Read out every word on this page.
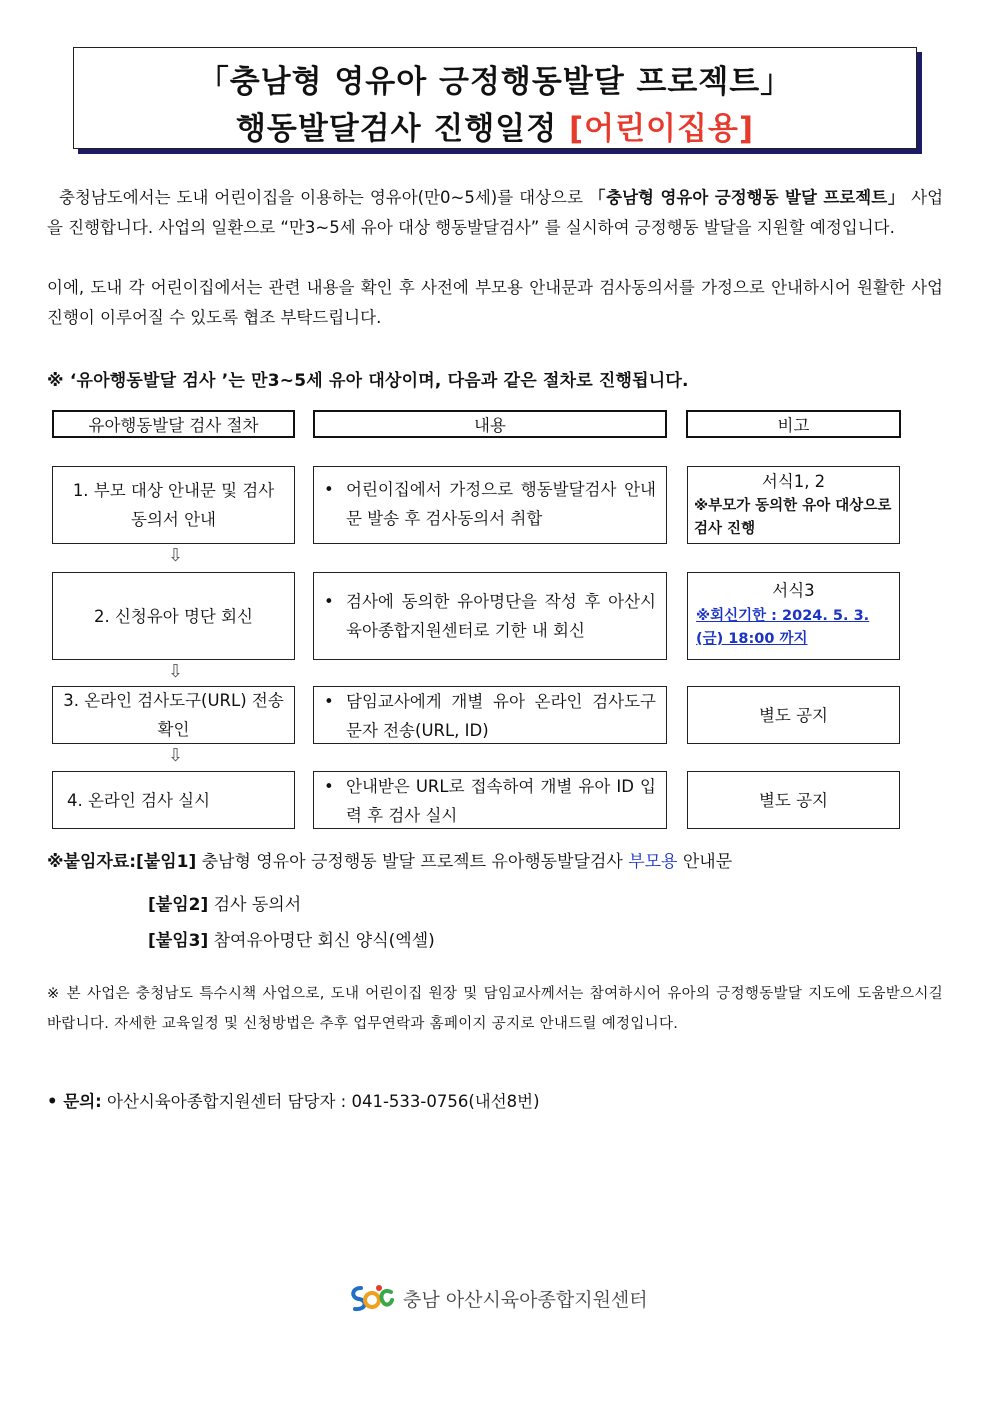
「충남형 영유아 긍정행동발달 프로젝트」
행동발달검사 진행일정 [어린이집용]
충청남도에서는 도내 어린이집을 이용하는 영유아(만0~5세)를 대상으로 「충남형 영유아 긍정행동 발달 프로젝트」 사업을 진행합니다. 사업의 일환으로 “만3~5세 유아 대상 행동발달검사” 를 실시하여 긍정행동 발달을 지원할 예정입니다.
이에, 도내 각 어린이집에서는 관련 내용을 확인 후 사전에 부모용 안내문과 검사동의서를 가정으로 안내하시어 원활한 사업 진행이 이루어질 수 있도록 협조 부탁드립니다.
※ ‘유아행동발달 검사 ’는 만3~5세 유아 대상이며, 다음과 같은 절차로 진행됩니다.
유아행동발달 검사 절차	내용	비고
1. 부모 대상 안내문 및 검사 동의서 안내
• 어린이집에서 가정으로 행동발달검사 안내문 발송 후 검사동의서 취합
서식1, 2
※부모가 동의한 유아 대상으로 검사 진행
⇩
2. 신청유아 명단 회신
• 검사에 동의한 유아명단을 작성 후 아산시육아종합지원센터로 기한 내 회신
서식3
※회신기한 : 2024. 5. 3. (금) 18:00 까지
⇩
3. 온라인 검사도구(URL) 전송 확인
• 담임교사에게 개별 유아 온라인 검사도구 문자 전송(URL, ID)
별도 공지
⇩
4. 온라인 검사 실시
• 안내받은 URL로 접속하여 개별 유아 ID 입력 후 검사 실시
별도 공지
※붙임자료:[붙임1] 충남형 영유아 긍정행동 발달 프로젝트 유아행동발달검사 부모용 안내문
[붙임2] 검사 동의서
[붙임3] 참여유아명단 회신 양식(엑셀)
※ 본 사업은 충청남도 특수시책 사업으로, 도내 어린이집 원장 및 담임교사께서는 참여하시어 유아의 긍정행동발달 지도에 도움받으시길 바랍니다. 자세한 교육일정 및 신청방법은 추후 업무연락과 홈페이지 공지로 안내드릴 예정입니다.
• 문의: 아산시육아종합지원센터 담당자 : 041-533-0756(내선8번)
충남 아산시육아종합지원센터
